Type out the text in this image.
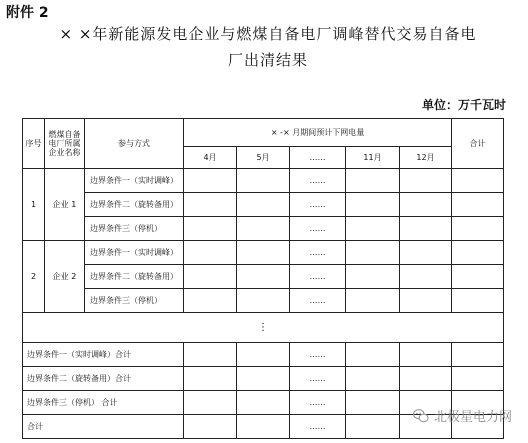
附件 2
× ×年新能源发电企业与燃煤自备电厂调峰替代交易自备电
厂出清结果
单位：万千瓦时
序号	燃煤自备电厂所属企业名称	参与方式	× -× 月期间预计下网电量					合计
			4月	5月	……	11月	12月	
1	企业 1	边界条件一（实时调峰）			……			
		边界条件二（旋转备用）			……			
		边界条件三（停机）			……			
2	企业 2	边界条件一（实时调峰）			……			
		边界条件二（旋转备用）			……			
		边界条件三（停机）			……			
⋮								
边界条件一（实时调峰）合计					……			
边界条件二（旋转备用）合计					……			
边界条件三（停机） 合计					……			
合计					……			
北极星电力网
